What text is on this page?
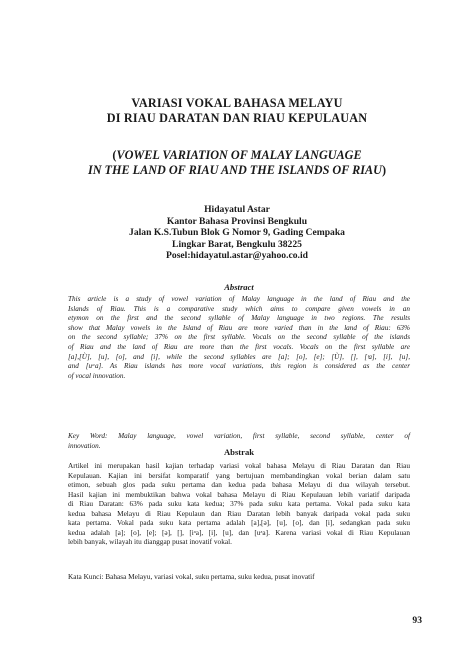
VARIASI VOKAL BAHASA MELAYU
DI RIAU DARATAN DAN RIAU KEPULAUAN
(VOWEL VARIATION OF MALAY LANGUAGE
IN THE LAND OF RIAU AND THE ISLANDS OF RIAU)
Hidayatul Astar
Kantor Bahasa Provinsi Bengkulu
Jalan K.S.Tubun Blok G Nomor 9, Gading Cempaka
Lingkar Barat, Bengkulu 38225
Posel:hidayatul.astar@yahoo.co.id
Abstract
This article is a study of vowel variation of Malay language in the land of Riau and the
Islands of Riau. This is a comparative study which aims to compare given vowels in an
etymon on the first and the second syllable of Malay language in two regions. The results
show that Malay vowels in the Island of Riau are more varied than in the land of Riau: 63%
on the second syllable; 37% on the first syllable. Vocals on the second syllable of the islands
of Riau and the land of Riau are more than the first vocals. Vocals on the first syllable are
[a],[Ù], [u], [o], and [i], while the second syllables are [a]; [o], [e]; [Ù], [], [ᶦa], [i], [u],
and [uᵃa]. As Riau islands has more vocal variations, this region is considered as the center
of vocal innovation.
Key Word: Malay language, vowel variation, first syllable, second syllable, center of
innovation.
Abstrak
Artikel ini merupakan hasil kajian terhadap variasi vokal bahasa Melayu di Riau Daratan dan Riau
Kepulauan. Kajian ini bersifat komparatif yang bertujuan membandingkan vokal berian dalam satu
etimon, sebuah glos pada suku pertama dan kedua pada bahasa Melayu di dua wilayah tersebut.
Hasil kajian ini membuktikan bahwa vokal bahasa Melayu di Riau Kepulauan lebih variatif daripada
di Riau Daratan: 63% pada suku kata kedua; 37% pada suku kata pertama. Vokal pada suku kata
kedua bahasa Melayu di Riau Kepulaun dan Riau Daratan lebih banyak daripada vokal pada suku
kata pertama. Vokal pada suku kata pertama adalah [a],[ə], [u], [o], dan [i], sedangkan pada suku
kedua adalah [a]; [o], [e]; [ə], [], [iᵃa], [i], [u], dan [uᵃa]. Karena variasi vokal di Riau Kepulauan
lebih banyak, wilayah itu dianggap pusat inovatif vokal.
Kata Kunci: Bahasa Melayu, variasi vokal, suku pertama, suku kedua, pusat inovatif
93
